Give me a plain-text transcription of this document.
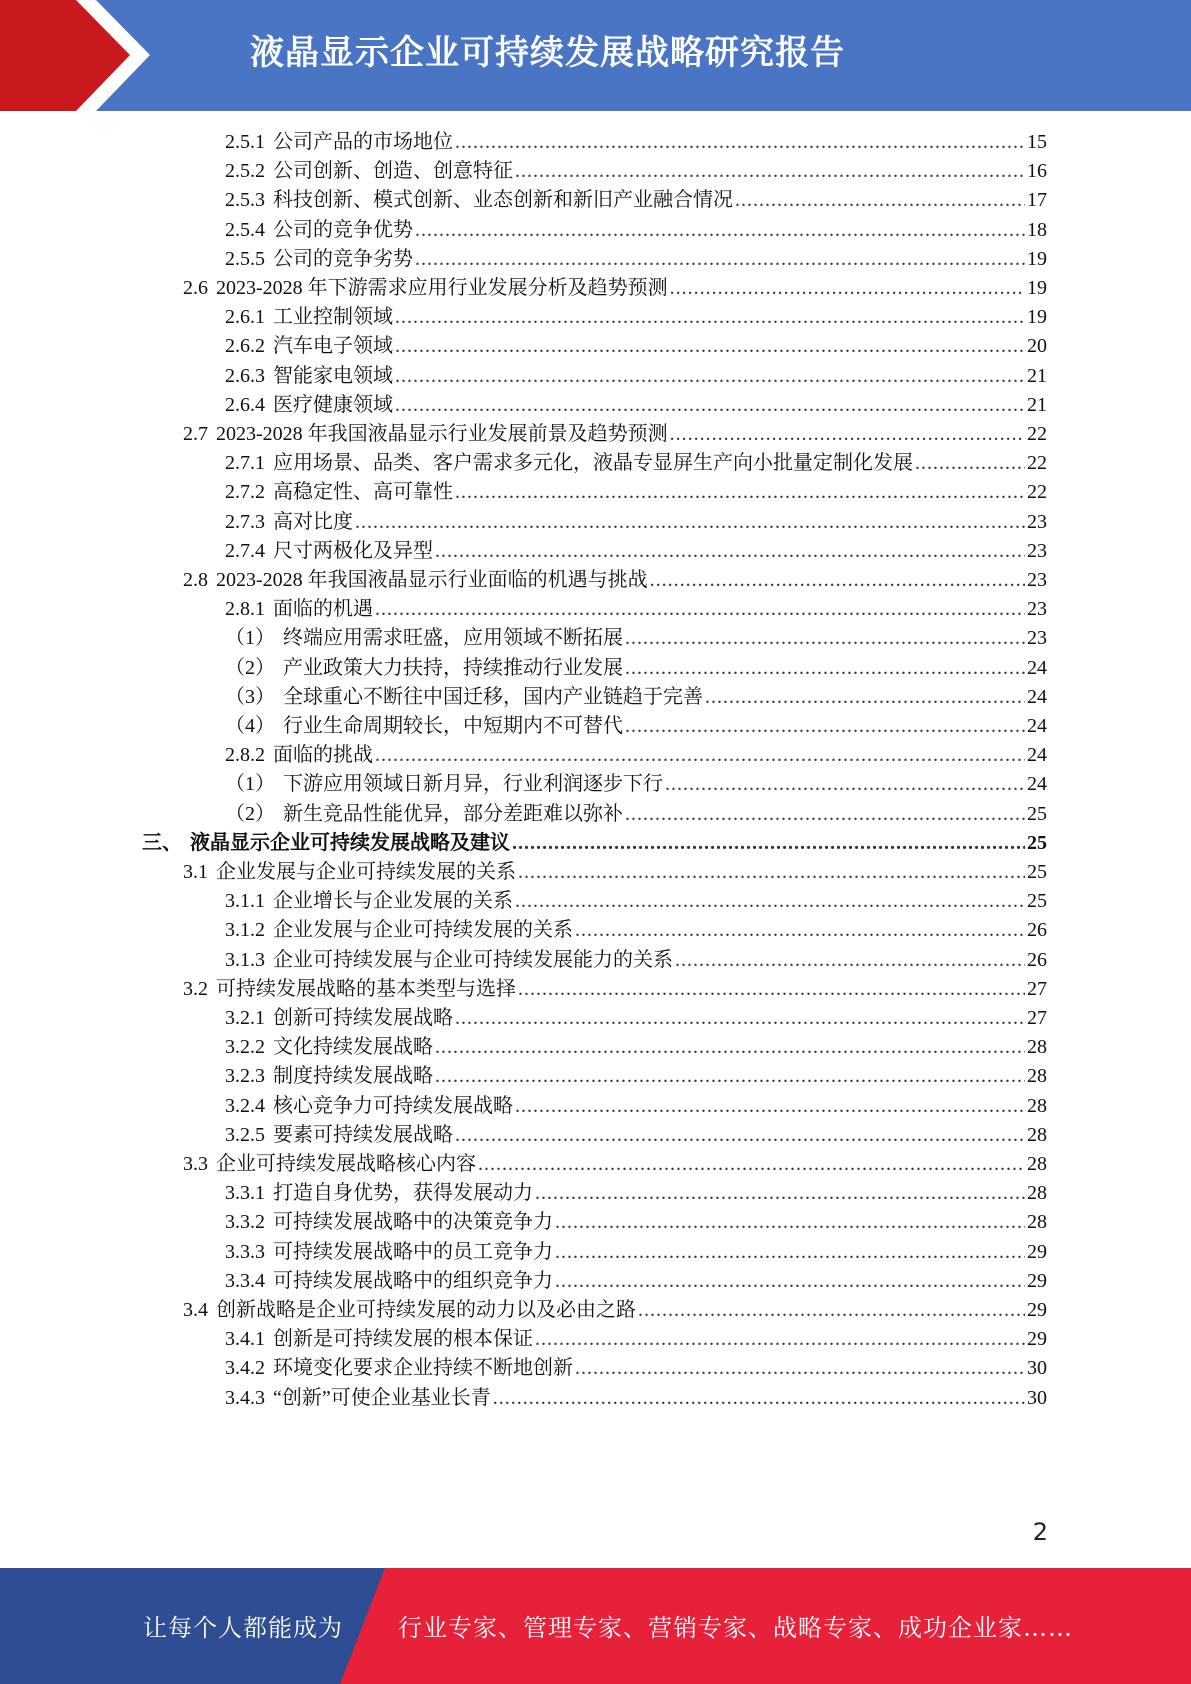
液晶显示企业可持续发展战略研究报告
2.5.1 公司产品的市场地位 .....	15
2.5.2 公司创新、创造、创意特征 .....	16
2.5.3 科技创新、模式创新、业态创新和新旧产业融合情况 .....	17
2.5.4 公司的竞争优势 .....	18
2.5.5 公司的竞争劣势 .....	19
2.6 2023-2028 年下游需求应用行业发展分析及趋势预测 .....	19
2.6.1 工业控制领域 .....	19
2.6.2 汽车电子领域 .....	20
2.6.3 智能家电领域 .....	21
2.6.4 医疗健康领域 .....	21
2.7 2023-2028 年我国液晶显示行业发展前景及趋势预测 .....	22
2.7.1 应用场景、品类、客户需求多元化，液晶专显屏生产向小批量定制化发展 .....	22
2.7.2 高稳定性、高可靠性 .....	22
2.7.3 高对比度 .....	23
2.7.4 尺寸两极化及异型 .....	23
2.8 2023-2028 年我国液晶显示行业面临的机遇与挑战 .....	23
2.8.1 面临的机遇 .....	23
（1） 终端应用需求旺盛，应用领域不断拓展 .....	23
（2） 产业政策大力扶持，持续推动行业发展 .....	24
（3） 全球重心不断往中国迁移，国内产业链趋于完善 .....	24
（4） 行业生命周期较长，中短期内不可替代 .....	24
2.8.2 面临的挑战 .....	24
（1） 下游应用领域日新月异，行业利润逐步下行 .....	24
（2） 新生竞品性能优异，部分差距难以弥补 .....	25
三、 液晶显示企业可持续发展战略及建议 .....	25
3.1 企业发展与企业可持续发展的关系 .....	25
3.1.1 企业增长与企业发展的关系 .....	25
3.1.2 企业发展与企业可持续发展的关系 .....	26
3.1.3 企业可持续发展与企业可持续发展能力的关系 .....	26
3.2 可持续发展战略的基本类型与选择 .....	27
3.2.1 创新可持续发展战略 .....	27
3.2.2 文化持续发展战略 .....	28
3.2.3 制度持续发展战略 .....	28
3.2.4 核心竞争力可持续发展战略 .....	28
3.2.5 要素可持续发展战略 .....	28
3.3 企业可持续发展战略核心内容 .....	28
3.3.1 打造自身优势，获得发展动力 .....	28
3.3.2 可持续发展战略中的决策竞争力 .....	28
3.3.3 可持续发展战略中的员工竞争力 .....	29
3.3.4 可持续发展战略中的组织竞争力 .....	29
3.4 创新战略是企业可持续发展的动力以及必由之路 .....	29
3.4.1 创新是可持续发展的根本保证 .....	29
3.4.2 环境变化要求企业持续不断地创新 .....	30
3.4.3 “创新”可使企业基业长青 .....	30
2
让每个人都能成为 行业专家、管理专家、营销专家、战略专家、成功企业家……
